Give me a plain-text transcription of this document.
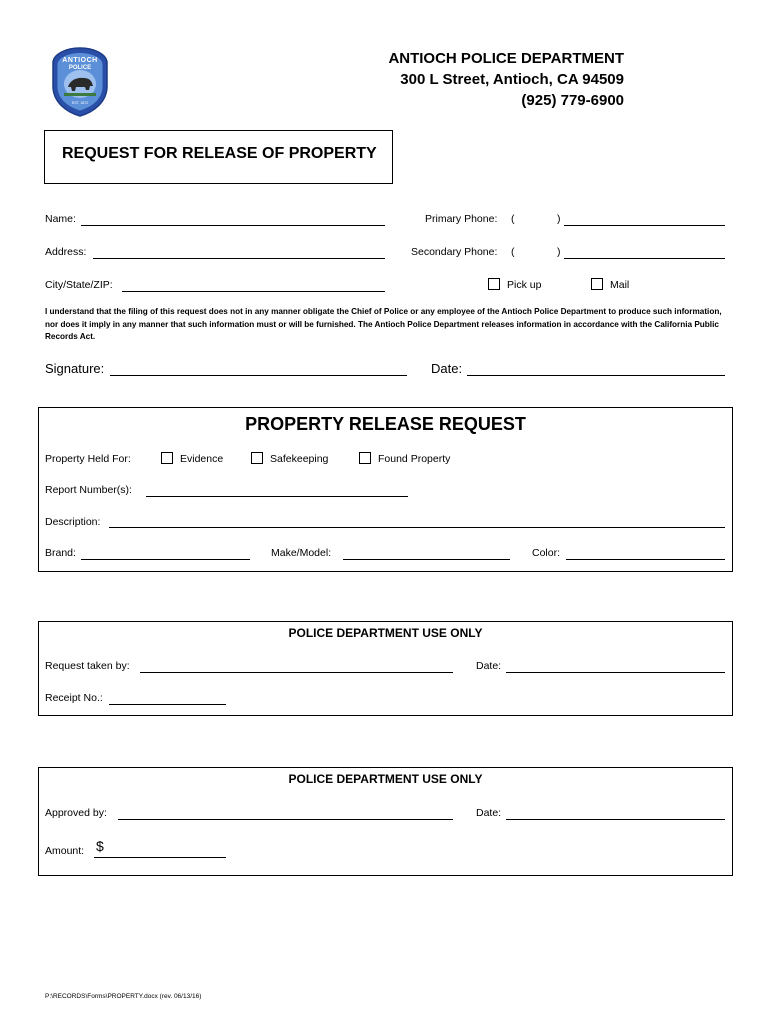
ANTIOCH
POLICE
EST. 1872
ANTIOCH POLICE DEPARTMENT
300 L Street, Antioch, CA 94509
(925) 779-6900
REQUEST FOR RELEASE OF PROPERTY
Name:	Primary Phone: (	)
Address:	Secondary Phone: (	)
City/State/ZIP:	Pick up	Mail
I understand that the filing of this request does not in any manner obligate the Chief of Police or any employee of the Antioch Police Department to produce such information, nor does it imply in any manner that such information must or will be furnished. The Antioch Police Department releases information in accordance with the California Public Records Act.
Signature:	Date:
PROPERTY RELEASE REQUEST
Property Held For:	Evidence	Safekeeping	Found Property
Report Number(s):
Description:
Brand:	Make/Model:	Color:
POLICE DEPARTMENT USE ONLY
Request taken by:	Date:
Receipt No.:
POLICE DEPARTMENT USE ONLY
Approved by:	Date:
Amount: $
P:\RECORDS\Forms\PROPERTY.docx (rev. 06/13/16)
